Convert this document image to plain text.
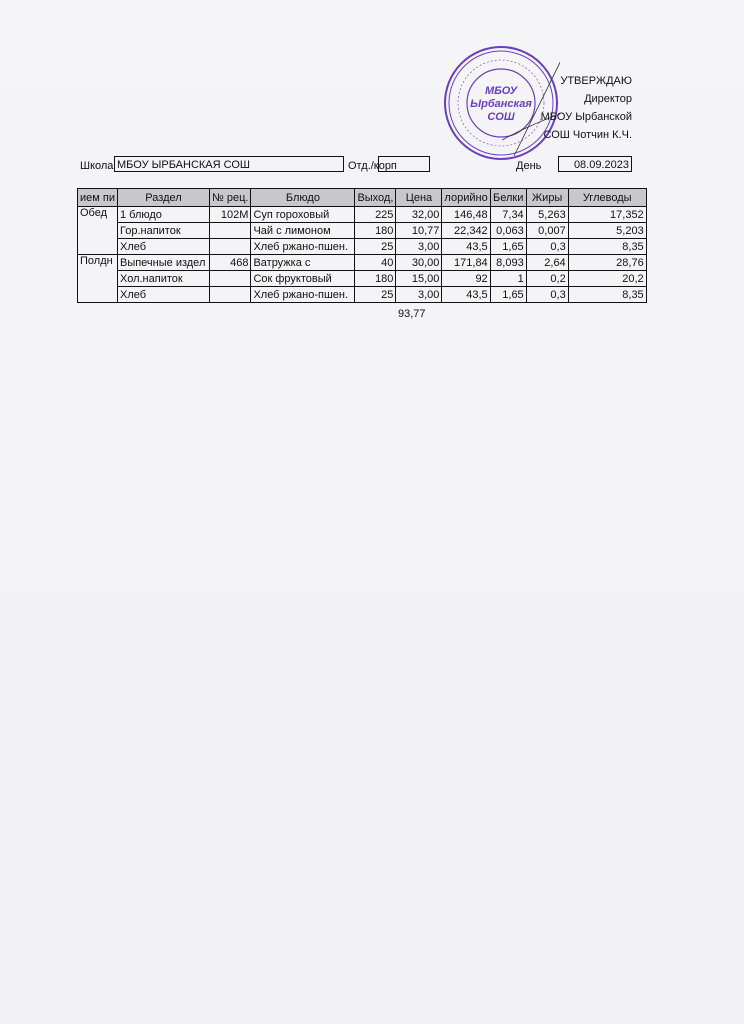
МБОУ
Ырбанская
СОШ
УТВЕРЖДАЮ
Директор
МБОУ Ырбанской
СОШ Чотчин К.Ч.
Школа МБОУ ЫРБАНСКАЯ СОШ	Отд./корп	День	08.09.2023
ием пи	Раздел	№ рец.	Блюдо	Выход,	Цена	лорийно	Белки	Жиры	Углеводы
Обед	1 блюдо	102М	Суп гороховый	225	32,00	146,48	7,34	5,263	17,352
	Гор.напиток		Чай с лимоном	180	10,77	22,342	0,063	0,007	5,203
	Хлеб		Хлеб ржано-пшен.	25	3,00	43,5	1,65	0,3	8,35
Полдн	Выпечные издел	468	Ватружка с	40	30,00	171,84	8,093	2,64	28,76
	Хол.напиток		Сок фруктовый	180	15,00	92	1	0,2	20,2
	Хлеб		Хлеб ржано-пшен.	25	3,00	43,5	1,65	0,3	8,35
93,77
